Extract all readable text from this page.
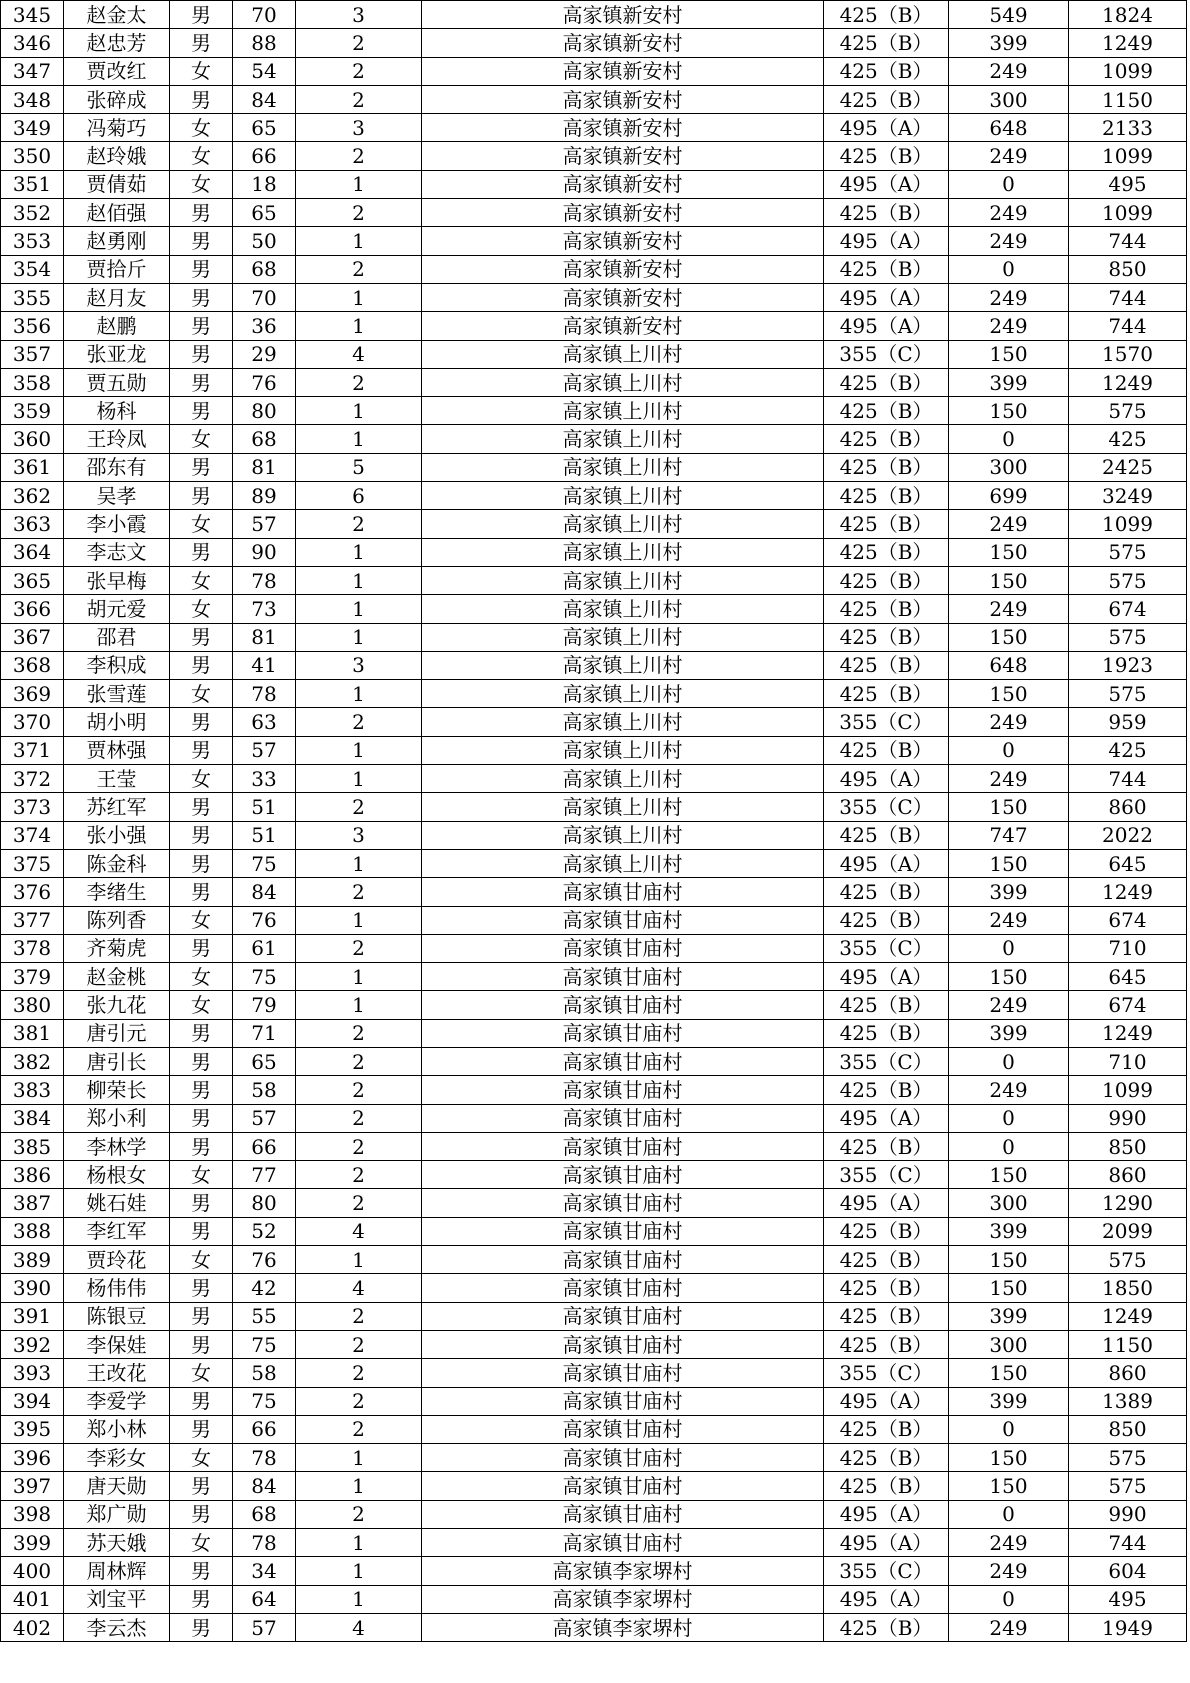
345	赵金太	男	70	3	高家镇新安村	425（B）	549	1824
346	赵忠芳	男	88	2	高家镇新安村	425（B）	399	1249
347	贾改红	女	54	2	高家镇新安村	425（B）	249	1099
348	张碎成	男	84	2	高家镇新安村	425（B）	300	1150
349	冯菊巧	女	65	3	高家镇新安村	495（A）	648	2133
350	赵玲娥	女	66	2	高家镇新安村	425（B）	249	1099
351	贾倩茹	女	18	1	高家镇新安村	495（A）	0	495
352	赵佰强	男	65	2	高家镇新安村	425（B）	249	1099
353	赵勇刚	男	50	1	高家镇新安村	495（A）	249	744
354	贾拾斤	男	68	2	高家镇新安村	425（B）	0	850
355	赵月友	男	70	1	高家镇新安村	495（A）	249	744
356	赵鹏	男	36	1	高家镇新安村	495（A）	249	744
357	张亚龙	男	29	4	高家镇上川村	355（C）	150	1570
358	贾五勋	男	76	2	高家镇上川村	425（B）	399	1249
359	杨科	男	80	1	高家镇上川村	425（B）	150	575
360	王玲凤	女	68	1	高家镇上川村	425（B）	0	425
361	邵东有	男	81	5	高家镇上川村	425（B）	300	2425
362	吴孝	男	89	6	高家镇上川村	425（B）	699	3249
363	李小霞	女	57	2	高家镇上川村	425（B）	249	1099
364	李志文	男	90	1	高家镇上川村	425（B）	150	575
365	张早梅	女	78	1	高家镇上川村	425（B）	150	575
366	胡元爱	女	73	1	高家镇上川村	425（B）	249	674
367	邵君	男	81	1	高家镇上川村	425（B）	150	575
368	李积成	男	41	3	高家镇上川村	425（B）	648	1923
369	张雪莲	女	78	1	高家镇上川村	425（B）	150	575
370	胡小明	男	63	2	高家镇上川村	355（C）	249	959
371	贾林强	男	57	1	高家镇上川村	425（B）	0	425
372	王莹	女	33	1	高家镇上川村	495（A）	249	744
373	苏红军	男	51	2	高家镇上川村	355（C）	150	860
374	张小强	男	51	3	高家镇上川村	425（B）	747	2022
375	陈金科	男	75	1	高家镇上川村	495（A）	150	645
376	李绪生	男	84	2	高家镇甘庙村	425（B）	399	1249
377	陈列香	女	76	1	高家镇甘庙村	425（B）	249	674
378	齐菊虎	男	61	2	高家镇甘庙村	355（C）	0	710
379	赵金桃	女	75	1	高家镇甘庙村	495（A）	150	645
380	张九花	女	79	1	高家镇甘庙村	425（B）	249	674
381	唐引元	男	71	2	高家镇甘庙村	425（B）	399	1249
382	唐引长	男	65	2	高家镇甘庙村	355（C）	0	710
383	柳荣长	男	58	2	高家镇甘庙村	425（B）	249	1099
384	郑小利	男	57	2	高家镇甘庙村	495（A）	0	990
385	李林学	男	66	2	高家镇甘庙村	425（B）	0	850
386	杨根女	女	77	2	高家镇甘庙村	355（C）	150	860
387	姚石娃	男	80	2	高家镇甘庙村	495（A）	300	1290
388	李红军	男	52	4	高家镇甘庙村	425（B）	399	2099
389	贾玲花	女	76	1	高家镇甘庙村	425（B）	150	575
390	杨伟伟	男	42	4	高家镇甘庙村	425（B）	150	1850
391	陈银豆	男	55	2	高家镇甘庙村	425（B）	399	1249
392	李保娃	男	75	2	高家镇甘庙村	425（B）	300	1150
393	王改花	女	58	2	高家镇甘庙村	355（C）	150	860
394	李爱学	男	75	2	高家镇甘庙村	495（A）	399	1389
395	郑小林	男	66	2	高家镇甘庙村	425（B）	0	850
396	李彩女	女	78	1	高家镇甘庙村	425（B）	150	575
397	唐天勋	男	84	1	高家镇甘庙村	425（B）	150	575
398	郑广勋	男	68	2	高家镇甘庙村	495（A）	0	990
399	苏天娥	女	78	1	高家镇甘庙村	495（A）	249	744
400	周林辉	男	34	1	高家镇李家堺村	355（C）	249	604
401	刘宝平	男	64	1	高家镇李家堺村	495（A）	0	495
402	李云杰	男	57	4	高家镇李家堺村	425（B）	249	1949
